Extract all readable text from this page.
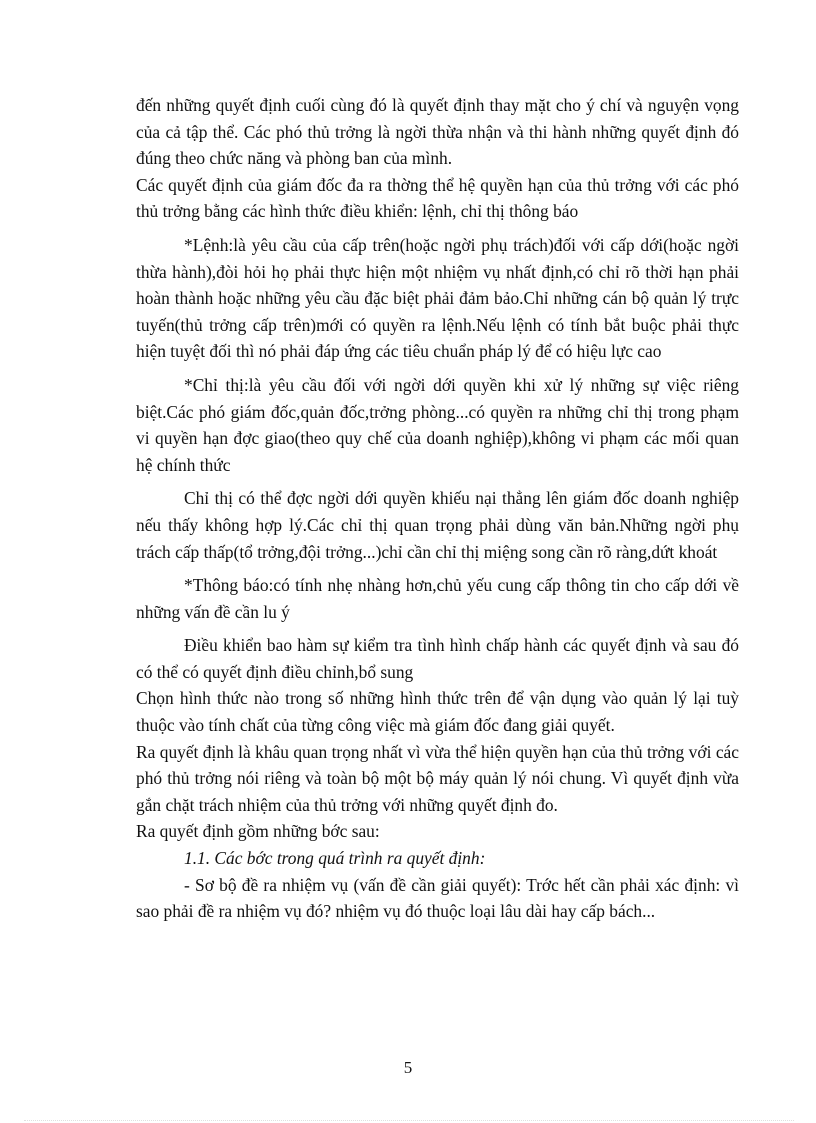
đến những quyết định cuối cùng đó là quyết định thay mặt cho ý chí và nguyện vọng của cả tập thể. Các phó thủ trởng là ngời thừa nhận và thi hành những quyết định đó đúng theo chức năng và phòng ban của mình.

Các quyết định của giám đốc đa ra thờng thể hệ quyền hạn của thủ trởng với các phó thủ trởng bằng các hình thức điều khiển: lệnh, chỉ thị thông báo

*Lệnh:là yêu cầu của cấp trên(hoặc ngời phụ trách)đối với cấp dới(hoặc ngời thừa hành),đòi hỏi họ phải thực hiện một nhiệm vụ nhất định,có chỉ rõ thời hạn phải hoàn thành hoặc những yêu cầu đặc biệt phải đảm bảo.Chỉ những cán bộ quản lý trực tuyến(thủ trởng cấp trên)mới có quyền ra lệnh.Nếu lệnh có tính bắt buộc phải thực hiện tuyệt đối thì nó phải đáp ứng các tiêu chuẩn pháp lý để có hiệu lực cao

*Chỉ thị:là yêu cầu đối với ngời dới quyền khi xử lý những sự việc riêng biệt.Các phó giám đốc,quản đốc,trởng phòng...có quyền ra những chỉ thị trong phạm vi quyền hạn đợc giao(theo quy chế của doanh nghiệp),không vi phạm các mối quan hệ chính thức

Chỉ thị có thể đợc ngời dới quyền khiếu nại thẳng lên giám đốc doanh nghiệp nếu thấy không hợp lý.Các chỉ thị quan trọng phải dùng văn bản.Những ngời phụ trách cấp thấp(tổ trởng,đội trởng...)chỉ cần chỉ thị miệng song cần rõ ràng,dứt khoát

*Thông báo:có tính nhẹ nhàng hơn,chủ yếu cung cấp thông tin cho cấp dới về những vấn đề cần lu ý

Điều khiển bao hàm sự kiểm tra tình hình chấp hành các quyết định và sau đó có thể có quyết định điều chỉnh,bổ sung

Chọn hình thức nào trong số những hình thức trên để vận dụng vào quản lý lại tuỳ thuộc vào tính chất của từng công việc mà giám đốc đang giải quyết.

Ra quyết định là khâu quan trọng nhất vì vừa thể hiện quyền hạn của thủ trởng với các phó thủ trởng nói riêng và toàn bộ một bộ máy quản lý nói chung. Vì quyết định vừa gắn chặt trách nhiệm của thủ trởng với những quyết định đo.

Ra quyết định gồm những bớc sau:

1.1. Các bớc trong quá trình ra quyết định:

- Sơ bộ đề ra nhiệm vụ (vấn đề cần giải quyết): Trớc hết cần phải xác định: vì sao phải đề ra nhiệm vụ đó? nhiệm vụ đó thuộc loại lâu dài hay cấp bách...

5
